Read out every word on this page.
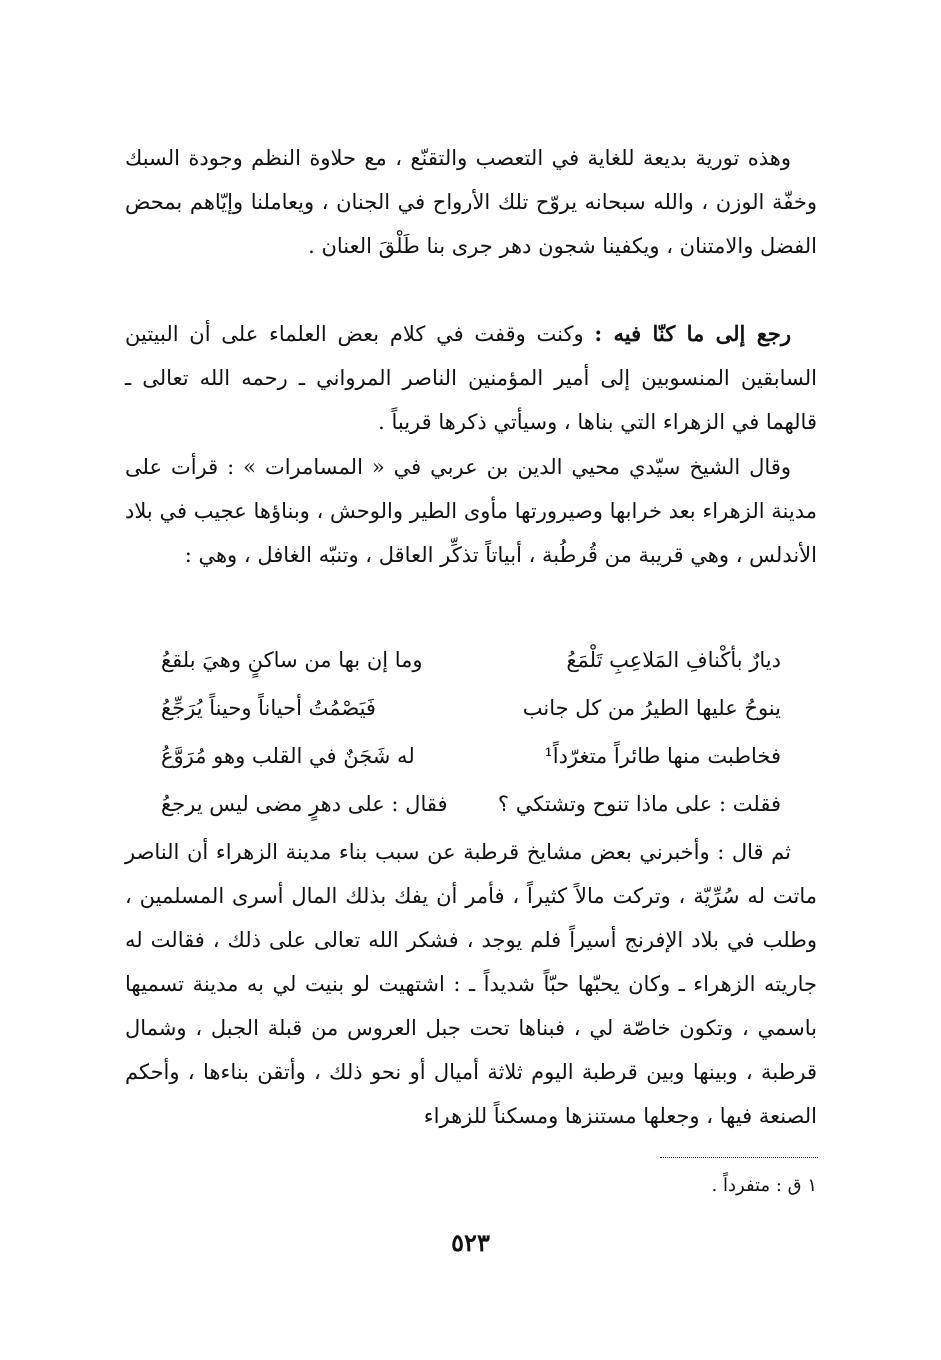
وهذه تورية بديعة للغاية في التعصب والتقنّع ، مع حلاوة النظم وجودة السبك وخفّة الوزن ، والله سبحانه يروّح تلك الأرواح في الجنان ، ويعاملنا وإيّاهم بمحض الفضل والامتنان ، ويكفينا شجون دهر جرى بنا طَلْقَ العنان .

رجع إلى ما كنّا فيه : وكنت وقفت في كلام بعض العلماء على أن البيتين السابقين المنسوبين إلى أمير المؤمنين الناصر المرواني ـ رحمه الله تعالى ـ قالهما في الزهراء التي بناها ، وسيأتي ذكرها قريباً .

وقال الشيخ سيّدي محيي الدين بن عربي في « المسامرات » : قرأت على مدينة الزهراء بعد خرابها وصيرورتها مأوى الطير والوحش ، وبناؤها عجيب في بلاد الأندلس ، وهي قريبة من قُرطُبة ، أبياتاً تذكِّر العاقل ، وتنبّه الغافل ، وهي :

ديارٌ بأكْنافِ المَلاعِبِ تَلْمَعُ
وما إن بها من ساكنٍ وهيَ بلقعُ
ينوحُ عليها الطيرُ من كل جانب
فَيَصْمُتُ أحياناً وحيناً يُرَجِّعُ
فخاطبت منها طائراً متغرّداً¹
له شَجَنٌ في القلب وهو مُرَوَّعُ
فقلت : على ماذا تنوح وتشتكي ؟
فقال : على دهرٍ مضى ليس يرجعُ

ثم قال : وأخبرني بعض مشايخ قرطبة عن سبب بناء مدينة الزهراء أن الناصر ماتت له سُرِّيّة ، وتركت مالاً كثيراً ، فأمر أن يفك بذلك المال أسرى المسلمين ، وطلب في بلاد الإفرنج أسيراً فلم يوجد ، فشكر الله تعالى على ذلك ، فقالت له جاريته الزهراء ـ وكان يحبّها حبّاً شديداً ـ : اشتهيت لو بنيت لي به مدينة تسميها باسمي ، وتكون خاصّة لي ، فبناها تحت جبل العروس من قبلة الجبل ، وشمال قرطبة ، وبينها وبين قرطبة اليوم ثلاثة أميال أو نحو ذلك ، وأتقن بناءها ، وأحكم الصنعة فيها ، وجعلها مستنزها ومسكناً للزهراء

١ ق : متفرداً .
٥٢٣
